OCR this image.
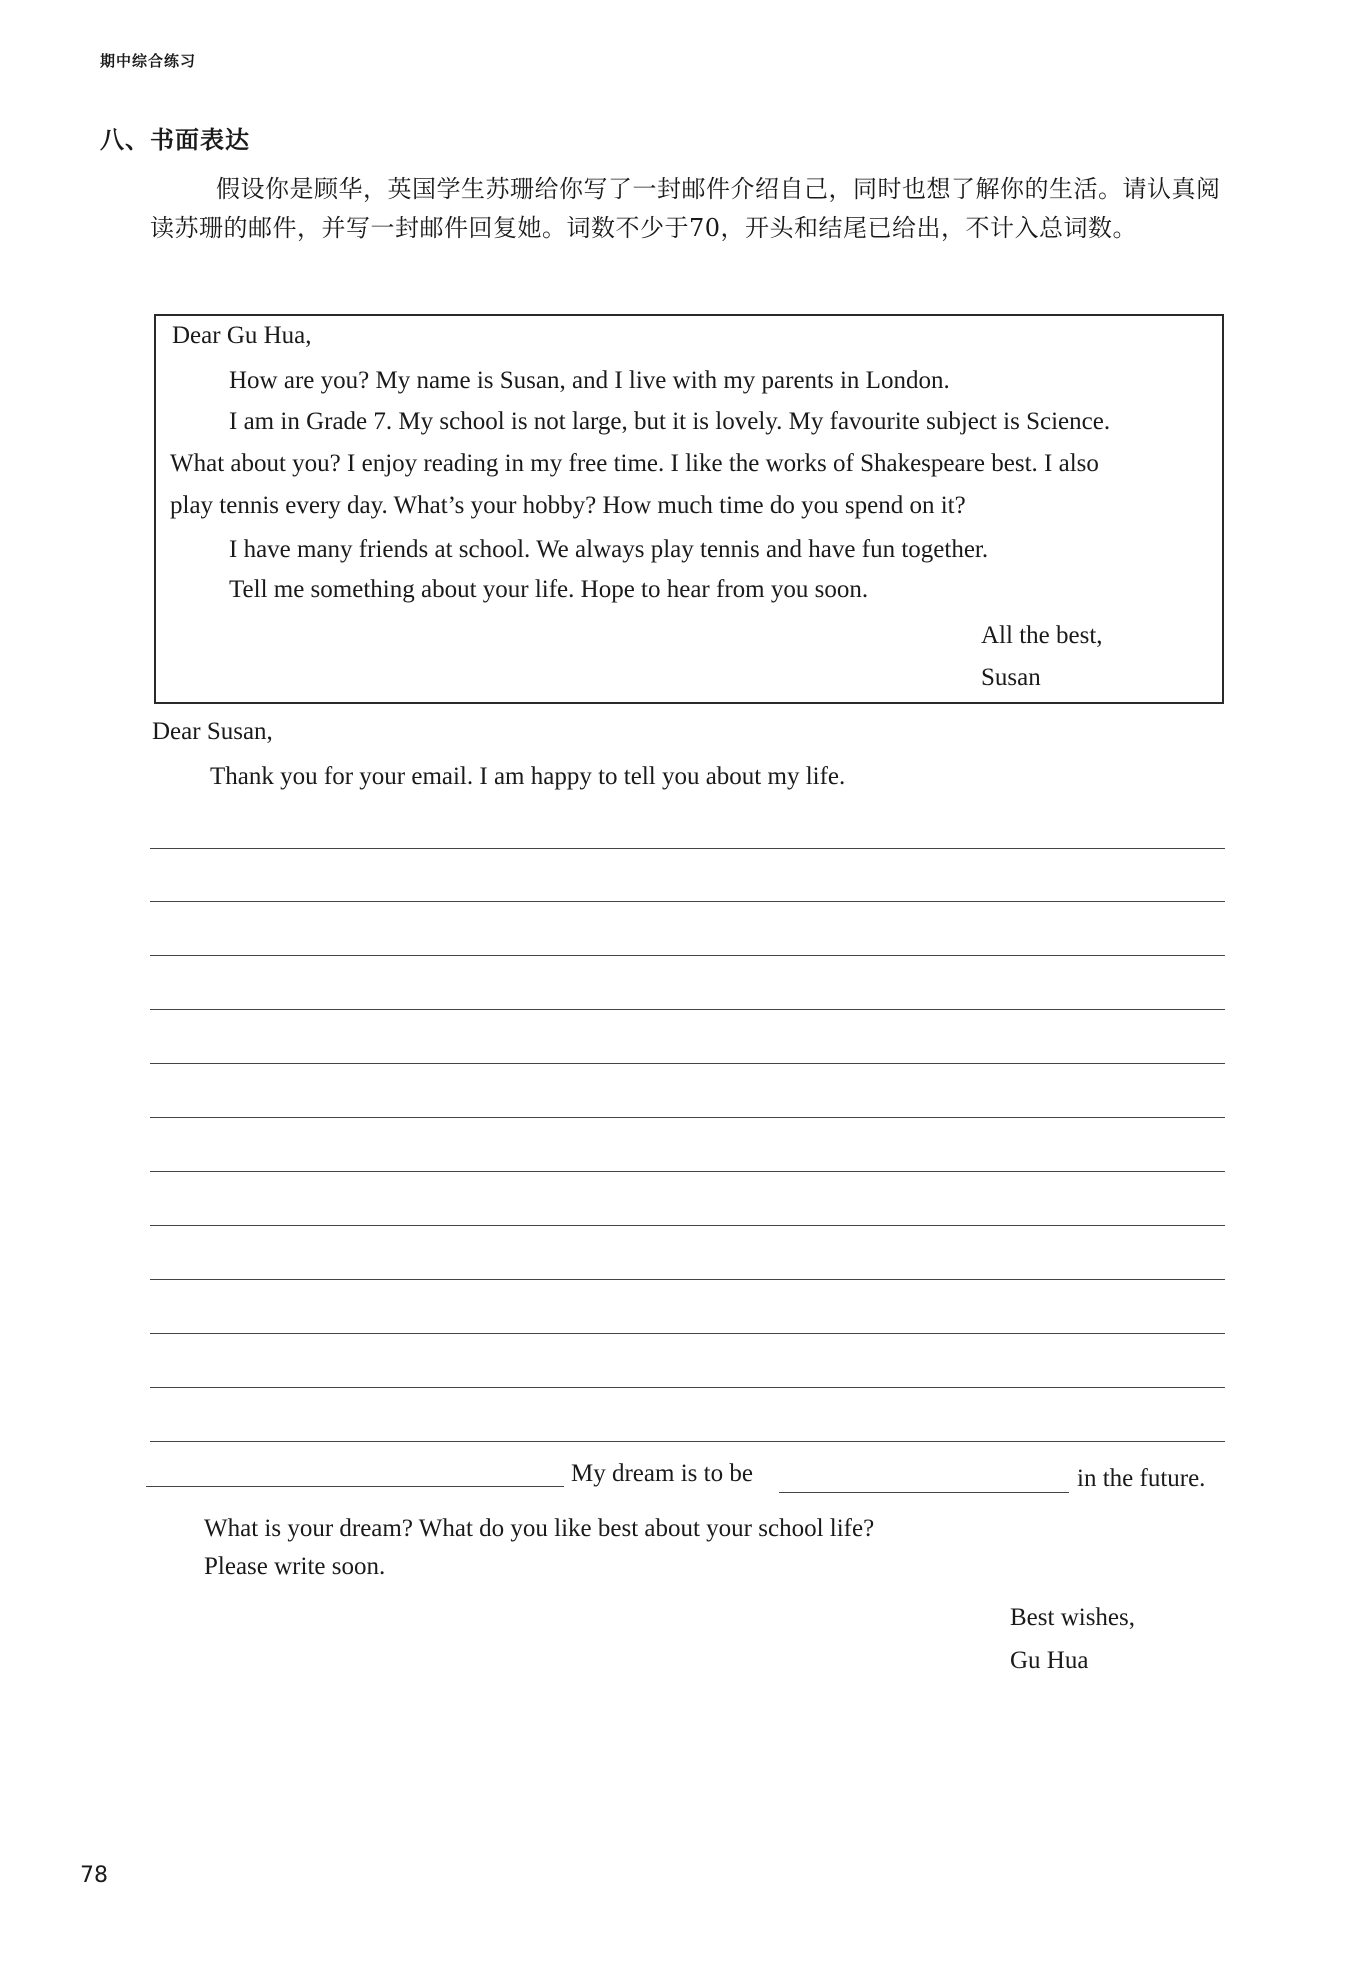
期中综合练习
八、书面表达
假设你是顾华，英国学生苏珊给你写了一封邮件介绍自己，同时也想了解你的生活。请认真阅读苏珊的邮件，并写一封邮件回复她。词数不少于70，开头和结尾已给出，不计入总词数。
Dear Gu Hua,
How are you? My name is Susan, and I live with my parents in London.
I am in Grade 7. My school is not large, but it is lovely. My favourite subject is Science.
What about you? I enjoy reading in my free time. I like the works of Shakespeare best. I also
play tennis every day. What’s your hobby? How much time do you spend on it?
I have many friends at school. We always play tennis and have fun together.
Tell me something about your life. Hope to hear from you soon.
All the best,
Susan
Dear Susan,
Thank you for your email. I am happy to tell you about my life.
My dream is to be	in the future.
What is your dream? What do you like best about your school life?
Please write soon.
Best wishes,
Gu Hua
78
